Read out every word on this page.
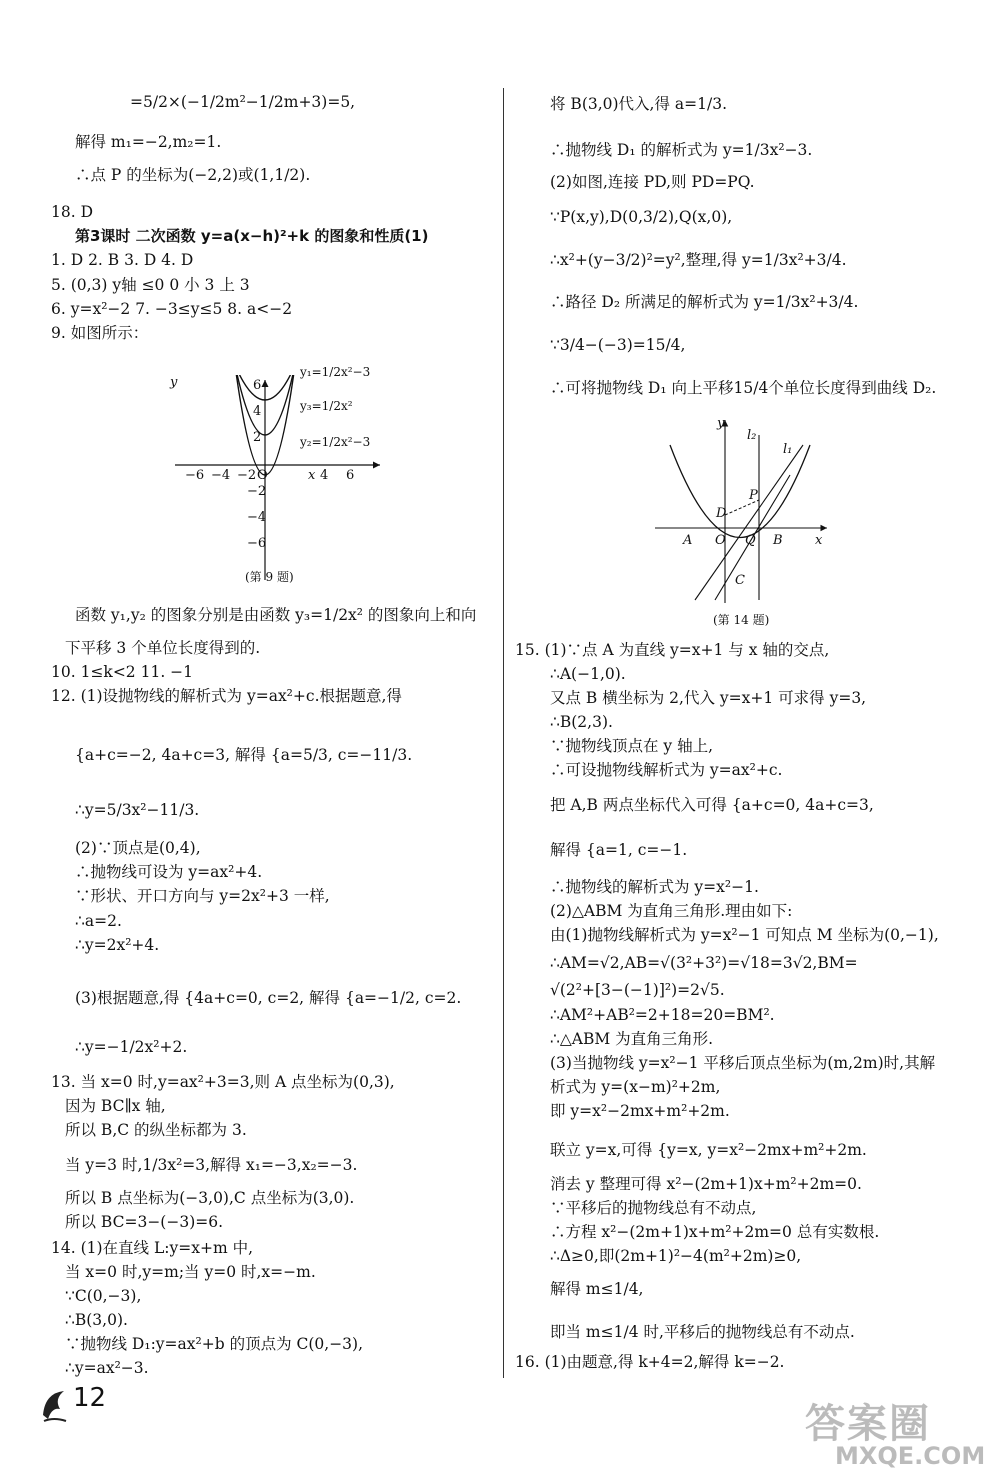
=5/2×(−1/2m²−1/2m+3)=5,
解得 m₁=−2,m₂=1.
∴点 P 的坐标为(−2,2)或(1,1/2).
18. D
第3课时 二次函数 y=a(x−h)²+k 的图象和性质(1)
1. D 2. B 3. D 4. D
5. (0,3) y轴 ≤0 0 小 3 上 3
6. y=x²−2 7. −3≤y≤5 8. a<−2
9. 如图所示：
y
x
y₁=1/2x²−3
y₃=1/2x²
y₂=1/2x²−3
−6 −4 −2 O	4 6
6
4
2
−2
−4
−6
(第 9 题)
函数 y₁,y₂ 的图象分别是由函数 y₃=1/2x² 的图象向上和向
下平移 3 个单位长度得到的.
10. 1≤k<2 11. −1
12. (1)设抛物线的解析式为 y=ax²+c.根据题意,得
{a+c=−2, 4a+c=3, 解得 {a=5/3, c=−11/3.
∴y=5/3x²−11/3.
(2)∵顶点是(0,4),
∴抛物线可设为 y=ax²+4.
∵形状、开口方向与 y=2x²+3 一样,
∴a=2.
∴y=2x²+4.
(3)根据题意,得 {4a+c=0, c=2, 解得 {a=−1/2, c=2.
∴y=−1/2x²+2.
13. 当 x=0 时,y=ax²+3=3,则 A 点坐标为(0,3),
因为 BC∥x 轴,
所以 B,C 的纵坐标都为 3.
当 y=3 时,1/3x²=3,解得 x₁=−3,x₂=−3.
所以 B 点坐标为(−3,0),C 点坐标为(3,0).
所以 BC=3−(−3)=6.
14. (1)在直线 L:y=x+m 中,
当 x=0 时,y=m;当 y=0 时,x=−m.
∵C(0,−3),
∴B(3,0).
∵抛物线 D₁:y=ax²+b 的顶点为 C(0,−3),
∴y=ax²−3.
12
将 B(3,0)代入,得 a=1/3.
∴抛物线 D₁ 的解析式为 y=1/3x²−3.
(2)如图,连接 PD,则 PD=PQ.
∵P(x,y),D(0,3/2),Q(x,0),
∴x²+(y−3/2)²=y²,整理,得 y=1/3x²+3/4.
∴路径 D₂ 所满足的解析式为 y=1/3x²+3/4.
∵3/4−(−3)=15/4,
∴可将抛物线 D₁ 向上平移15/4个单位长度得到曲线 D₂.
y
l₂
l₁
P
D
A O Q B
C
x
(第 14 题)
15. (1)∵点 A 为直线 y=x+1 与 x 轴的交点,
∴A(−1,0).
又点 B 横坐标为 2,代入 y=x+1 可求得 y=3,
∴B(2,3).
∵抛物线顶点在 y 轴上,
∴可设抛物线解析式为 y=ax²+c.
把 A,B 两点坐标代入可得 {a+c=0, 4a+c=3,
解得 {a=1, c=−1.
∴抛物线的解析式为 y=x²−1.
(2)△ABM 为直角三角形.理由如下:
由(1)抛物线解析式为 y=x²−1 可知点 M 坐标为(0,−1),
∴AM=√2,AB=√(3²+3²)=√18=3√2,BM=
√(2²+[3−(−1)]²)=2√5.
∴AM²+AB²=2+18=20=BM².
∴△ABM 为直角三角形.
(3)当抛物线 y=x²−1 平移后顶点坐标为(m,2m)时,其解
析式为 y=(x−m)²+2m,
即 y=x²−2mx+m²+2m.
联立 y=x,可得 {y=x, y=x²−2mx+m²+2m.
消去 y 整理可得 x²−(2m+1)x+m²+2m=0.
∵平移后的抛物线总有不动点,
∴方程 x²−(2m+1)x+m²+2m=0 总有实数根.
∴Δ≥0,即(2m+1)²−4(m²+2m)≥0,
解得 m≤1/4,
即当 m≤1/4 时,平移后的抛物线总有不动点.
16. (1)由题意,得 k+4=2,解得 k=−2.
答案圈
MXQE.COM
